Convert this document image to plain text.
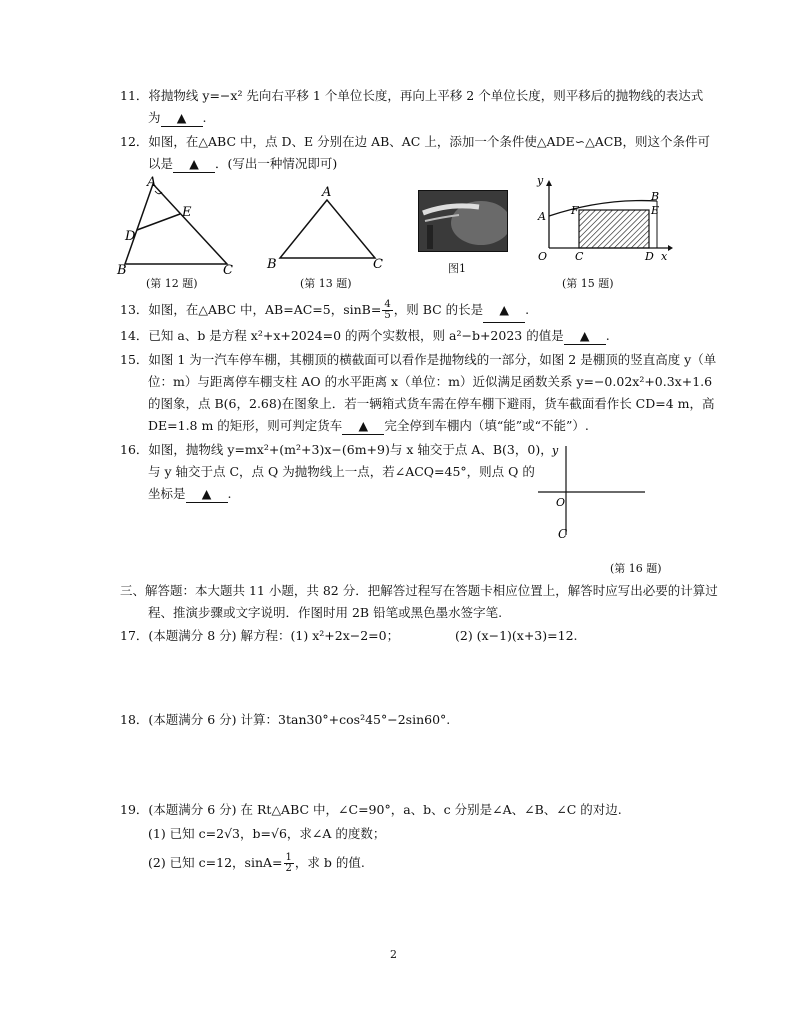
11．将抛物线 y=−x² 先向右平移 1 个单位长度，再向上平移 2 个单位长度，则平移后的抛物线的表达式
为 ▲ .
12．如图，在△ABC 中，点 D、E 分别在边 AB、AC 上，添加一个条件使△ADE∽△ACB，则这个条件可
以是 ▲ ．(写出一种情况即可)
A
B	C
D
E
(第 12 题)
A
B	C
(第 13 题)
图1
y
x
O
A
B
C	D
E
F
(第 15 题)
13．如图，在△ABC 中，AB=AC=5，$\sin B= \frac{4}{5}$ ，则 BC 的长是 ▲ .
14．已知 a、b 是方程 x²+x+2024=0 的两个实数根，则 a²−b+2023 的值是 ▲ .
15．如图 1 为一汽车停车棚，其棚顶的横截面可以看作是抛物线的一部分，如图 2 是棚顶的竖直高度 y（单
位：m）与距离停车棚支柱 AO 的水平距离 x（单位：m）近似满足函数关系 y=−0.02x²+0.3x+1.6
的图象，点 B(6，2.68)在图象上．若一辆箱式货车需在停车棚下避雨，货车截面看作长 CD=4 m，高
DE=1.8 m 的矩形，则可判定货车 ▲ 完全停到车棚内（填“能”或“不能”）.
16．如图，抛物线 y=mx²+(m²+3)x−(6m+9)与 x 轴交于点 A、B(3，0)，
与 y 轴交于点 C，点 Q 为抛物线上一点，若∠ACQ=45°，则点 Q 的
坐标是 ▲ .
y
O
C
(第 16 题)
三、解答题：本大题共 11 小题，共 82 分．把解答过程写在答题卡相应位置上，解答时应写出必要的计算过
程、推演步骤或文字说明．作图时用 2B 铅笔或黑色墨水签字笔.
17．(本题满分 8 分) 解方程：(1) x²+2x−2=0；	(2) (x−1)(x+3)=12.
18．(本题满分 6 分) 计算：3tan30°+cos²45°−2sin60°.
19．(本题满分 6 分) 在 Rt△ABC 中，∠C=90°，a、b、c 分别是∠A、∠B、∠C 的对边.
(1) 已知 c=2√3，b=√6，求∠A 的度数；
(2) 已知 c=12，$\sin A= \frac{1}{2}$ ，求 b 的值.
2
